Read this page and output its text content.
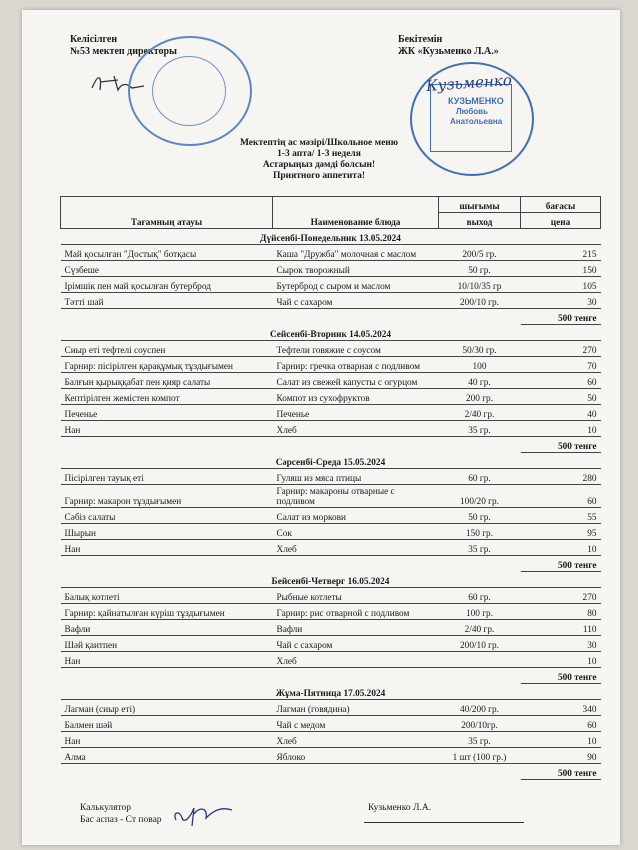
Келісілген
№53 мектеп директоры
Бекітемін
ЖК «Кузьменко Л.А.»
КУЗЬМЕНКО
Любовь
Анатольевна
Кузьменко
Мектептің ас мәзірі/Школьное меню
1-3 апта/ 1-3 неделя
Астарыңыз дәмді болсын!
Приятного аппетита!
Тағамның атауы	Наименование блюда	шығымы	бағасы
		выход	цена
Дүйсенбі-Понедельник 13.05.2024			
Май қосылған "Достық" ботқасы	Каша "Дружба" молочная с маслом	200/5 гр.	215
Сүзбеше	Сырок творожный	50 гр.	150
Ірімшік пен май қосылған бутерброд	Бутерброд с сыром и маслом	10/10/35 гр	105
Тәтті шай	Чай с сахаром	200/10 гр.	30
			500 тенге
Сейсенбі-Вторник 14.05.2024			
Сиыр еті тефтелі соуспен	Тефтели говяжие с соусом	50/30 гр.	270
Гарнир: пісірілген қарақұмық тұздығымен	Гарнир: гречка отварная с подливом	100	70
Балғын қырыққабат пен қияр салаты	Салат из свежей капусты с огурцом	40 гр.	60
Кептірілген жемістен компот	Компот из сухофруктов	200 гр.	50
Печенье	Печенье	2/40 гр.	40
Нан	Хлеб	35 гр.	10
			500 тенге
Сәрсенбі-Среда 15.05.2024			
Пісірілген тауық еті	Гуляш из мяса птицы	60 гр.	280
Гарнир: макарон тұздығымен	Гарнир: макароны отварные с подливом	100/20 гр.	60
Сәбіз салаты	Салат из моркови	50 гр.	55
Шырын	Сок	150 гр.	95
Нан	Хлеб	35 гр.	10
			500 тенге
Бейсенбі-Четверг 16.05.2024			
Балық котлеті	Рыбные котлеты	60 гр.	270
Гарнир: қайнатылған күріш тұздығымен	Гарнир: рис отварной с подливом	100 гр.	80
Вафли	Вафли	2/40 гр.	110
Шәй қаитпен	Чай с сахаром	200/10 гр.	30
Нан	Хлеб		10
			500 тенге
Жұма-Пятница 17.05.2024			
Лагман (сиыр еті)	Лагман (говядина)	40/200 гр.	340
Балмен шәй	Чай с медом	200/10гр.	60
Нан	Хлеб	35 гр.	10
Алма	Яблоко	1 шт (100 гр.)	90
			500 тенге
Калькулятор
Бас аспаз - Ст повар
Кузьменко Л.А.
